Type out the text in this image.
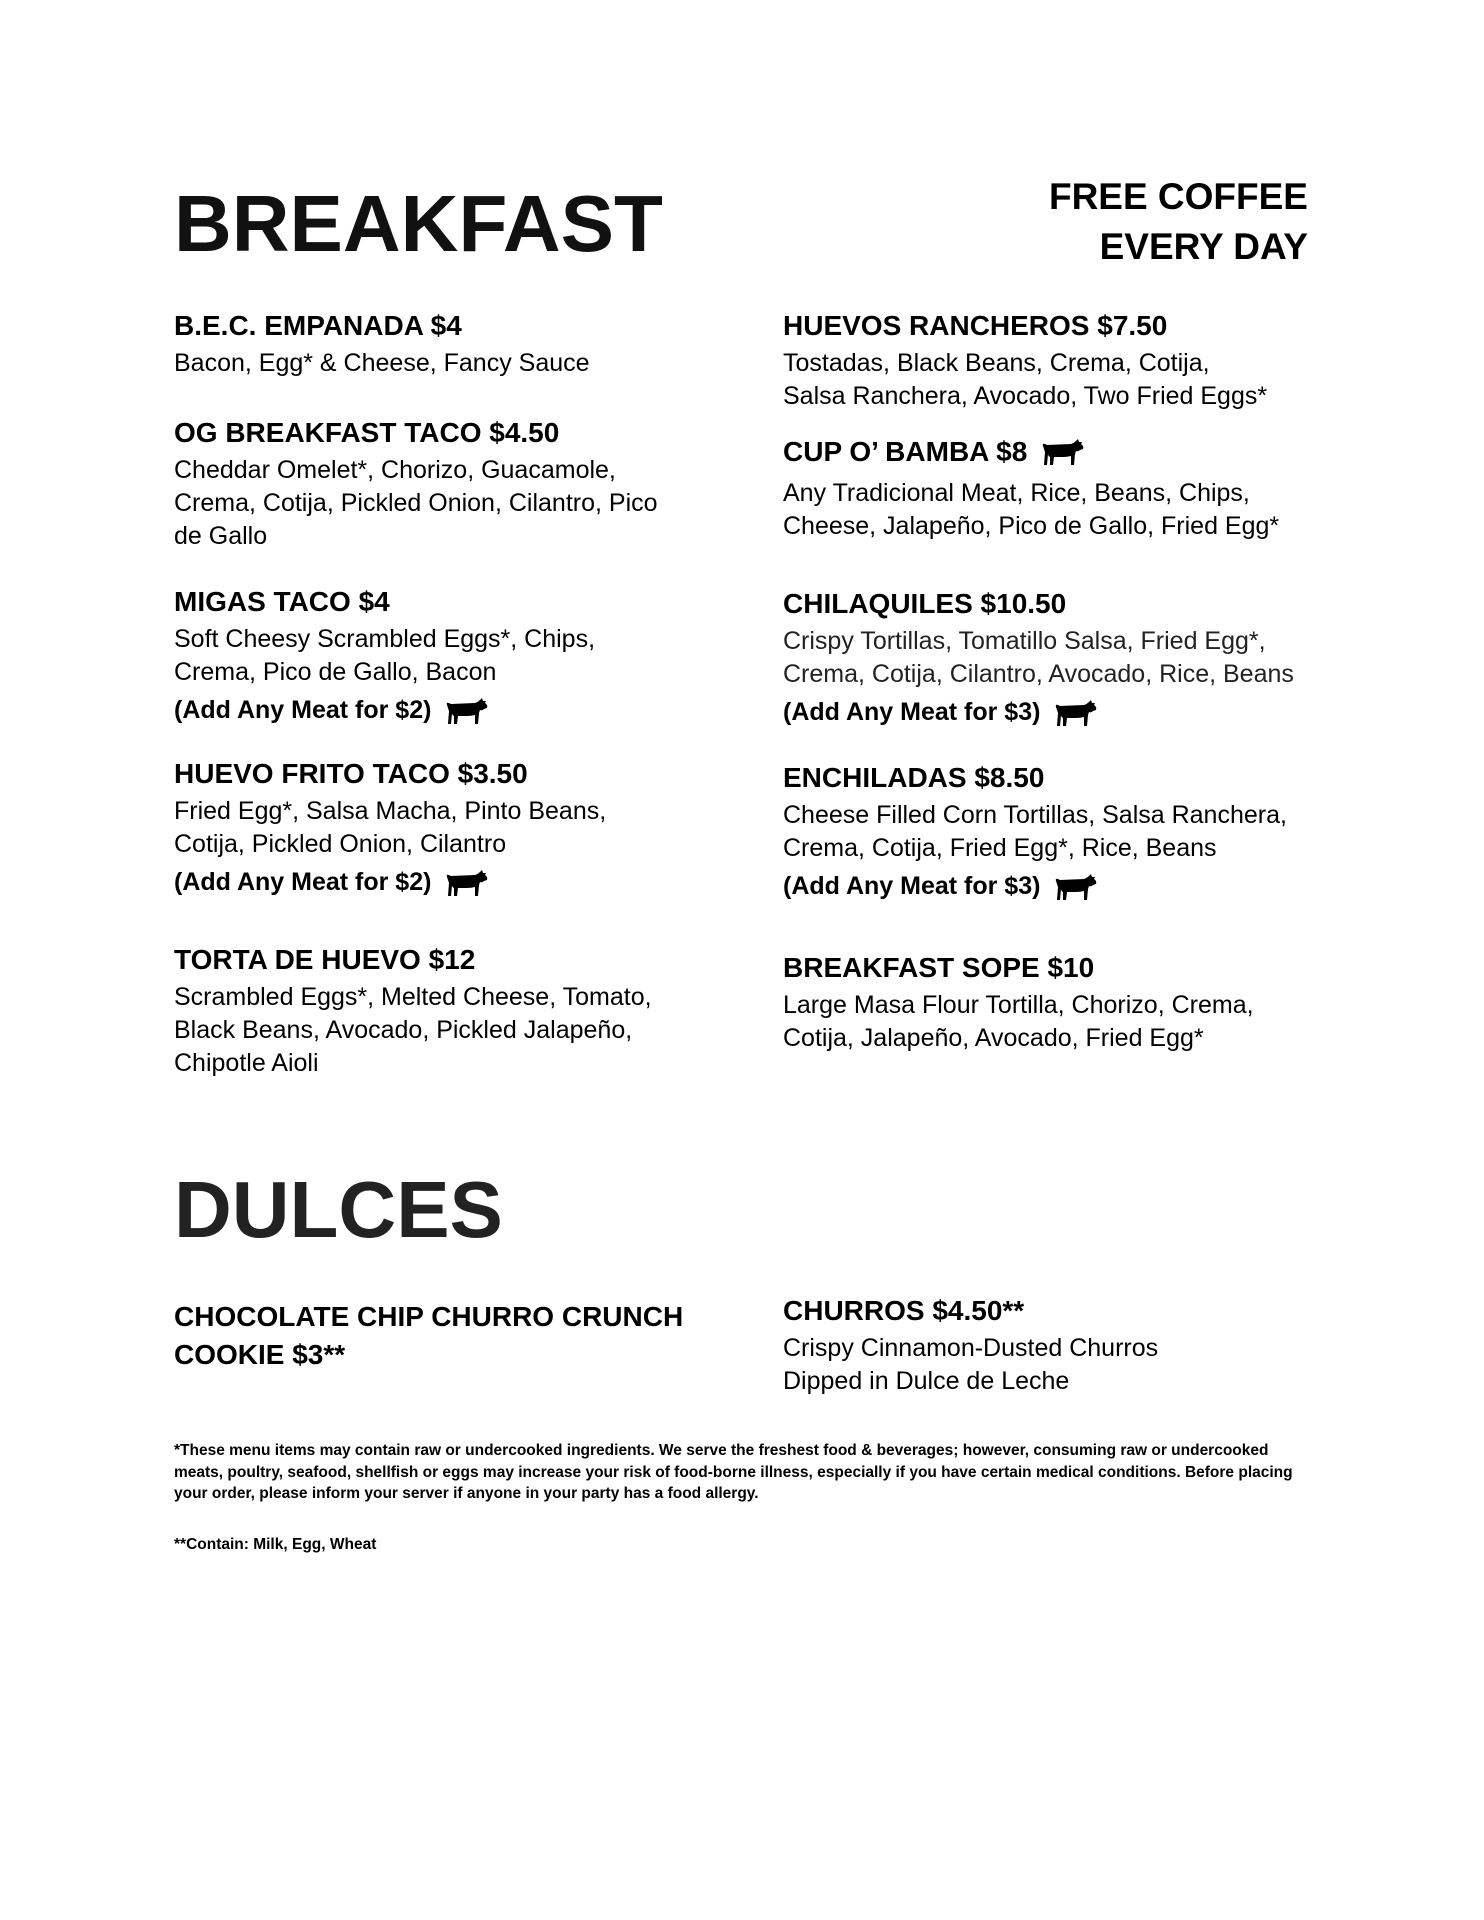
BREAKFAST	FREE COFFEE
EVERY DAY

B.E.C. EMPANADA $4

Bacon, Egg* & Cheese, Fancy Sauce

OG BREAKFAST TACO $4.50

Cheddar Omelet*, Chorizo, Guacamole,
Crema, Cotija, Pickled Onion, Cilantro, Pico
de Gallo

MIGAS TACO $4

Soft Cheesy Scrambled Eggs*, Chips,
Crema, Pico de Gallo, Bacon

(Add Any Meat for $2)

HUEVO FRITO TACO $3.50

Fried Egg*, Salsa Macha, Pinto Beans,
Cotija, Pickled Onion, Cilantro

(Add Any Meat for $2)

TORTA DE HUEVO $12

Scrambled Eggs*, Melted Cheese, Tomato,
Black Beans, Avocado, Pickled Jalapeño,
Chipotle Aioli

HUEVOS RANCHEROS $7.50

Tostadas, Black Beans, Crema, Cotija,
Salsa Ranchera, Avocado, Two Fried Eggs*

CUP O’ BAMBA $8

Any Tradicional Meat, Rice, Beans, Chips,
Cheese, Jalapeño, Pico de Gallo, Fried Egg*

CHILAQUILES $10.50

Crispy Tortillas, Tomatillo Salsa, Fried Egg*,
Crema, Cotija, Cilantro, Avocado, Rice, Beans

(Add Any Meat for $3)

ENCHILADAS $8.50

Cheese Filled Corn Tortillas, Salsa Ranchera,
Crema, Cotija, Fried Egg*, Rice, Beans

(Add Any Meat for $3)

BREAKFAST SOPE $10

Large Masa Flour Tortilla, Chorizo, Crema,
Cotija, Jalapeño, Avocado, Fried Egg*

DULCES

CHOCOLATE CHIP CHURRO CRUNCH
COOKIE $3**

CHURROS $4.50**

Crispy Cinnamon-Dusted Churros
Dipped in Dulce de Leche

*These menu items may contain raw or undercooked ingredients. We serve the freshest food & beverages; however, consuming raw or undercooked meats, poultry, seafood, shellfish or eggs may increase your risk of food-borne illness, especially if you have certain medical conditions. Before placing your order, please inform your server if anyone in your party has a food allergy.
**Contain: Milk, Egg, Wheat
